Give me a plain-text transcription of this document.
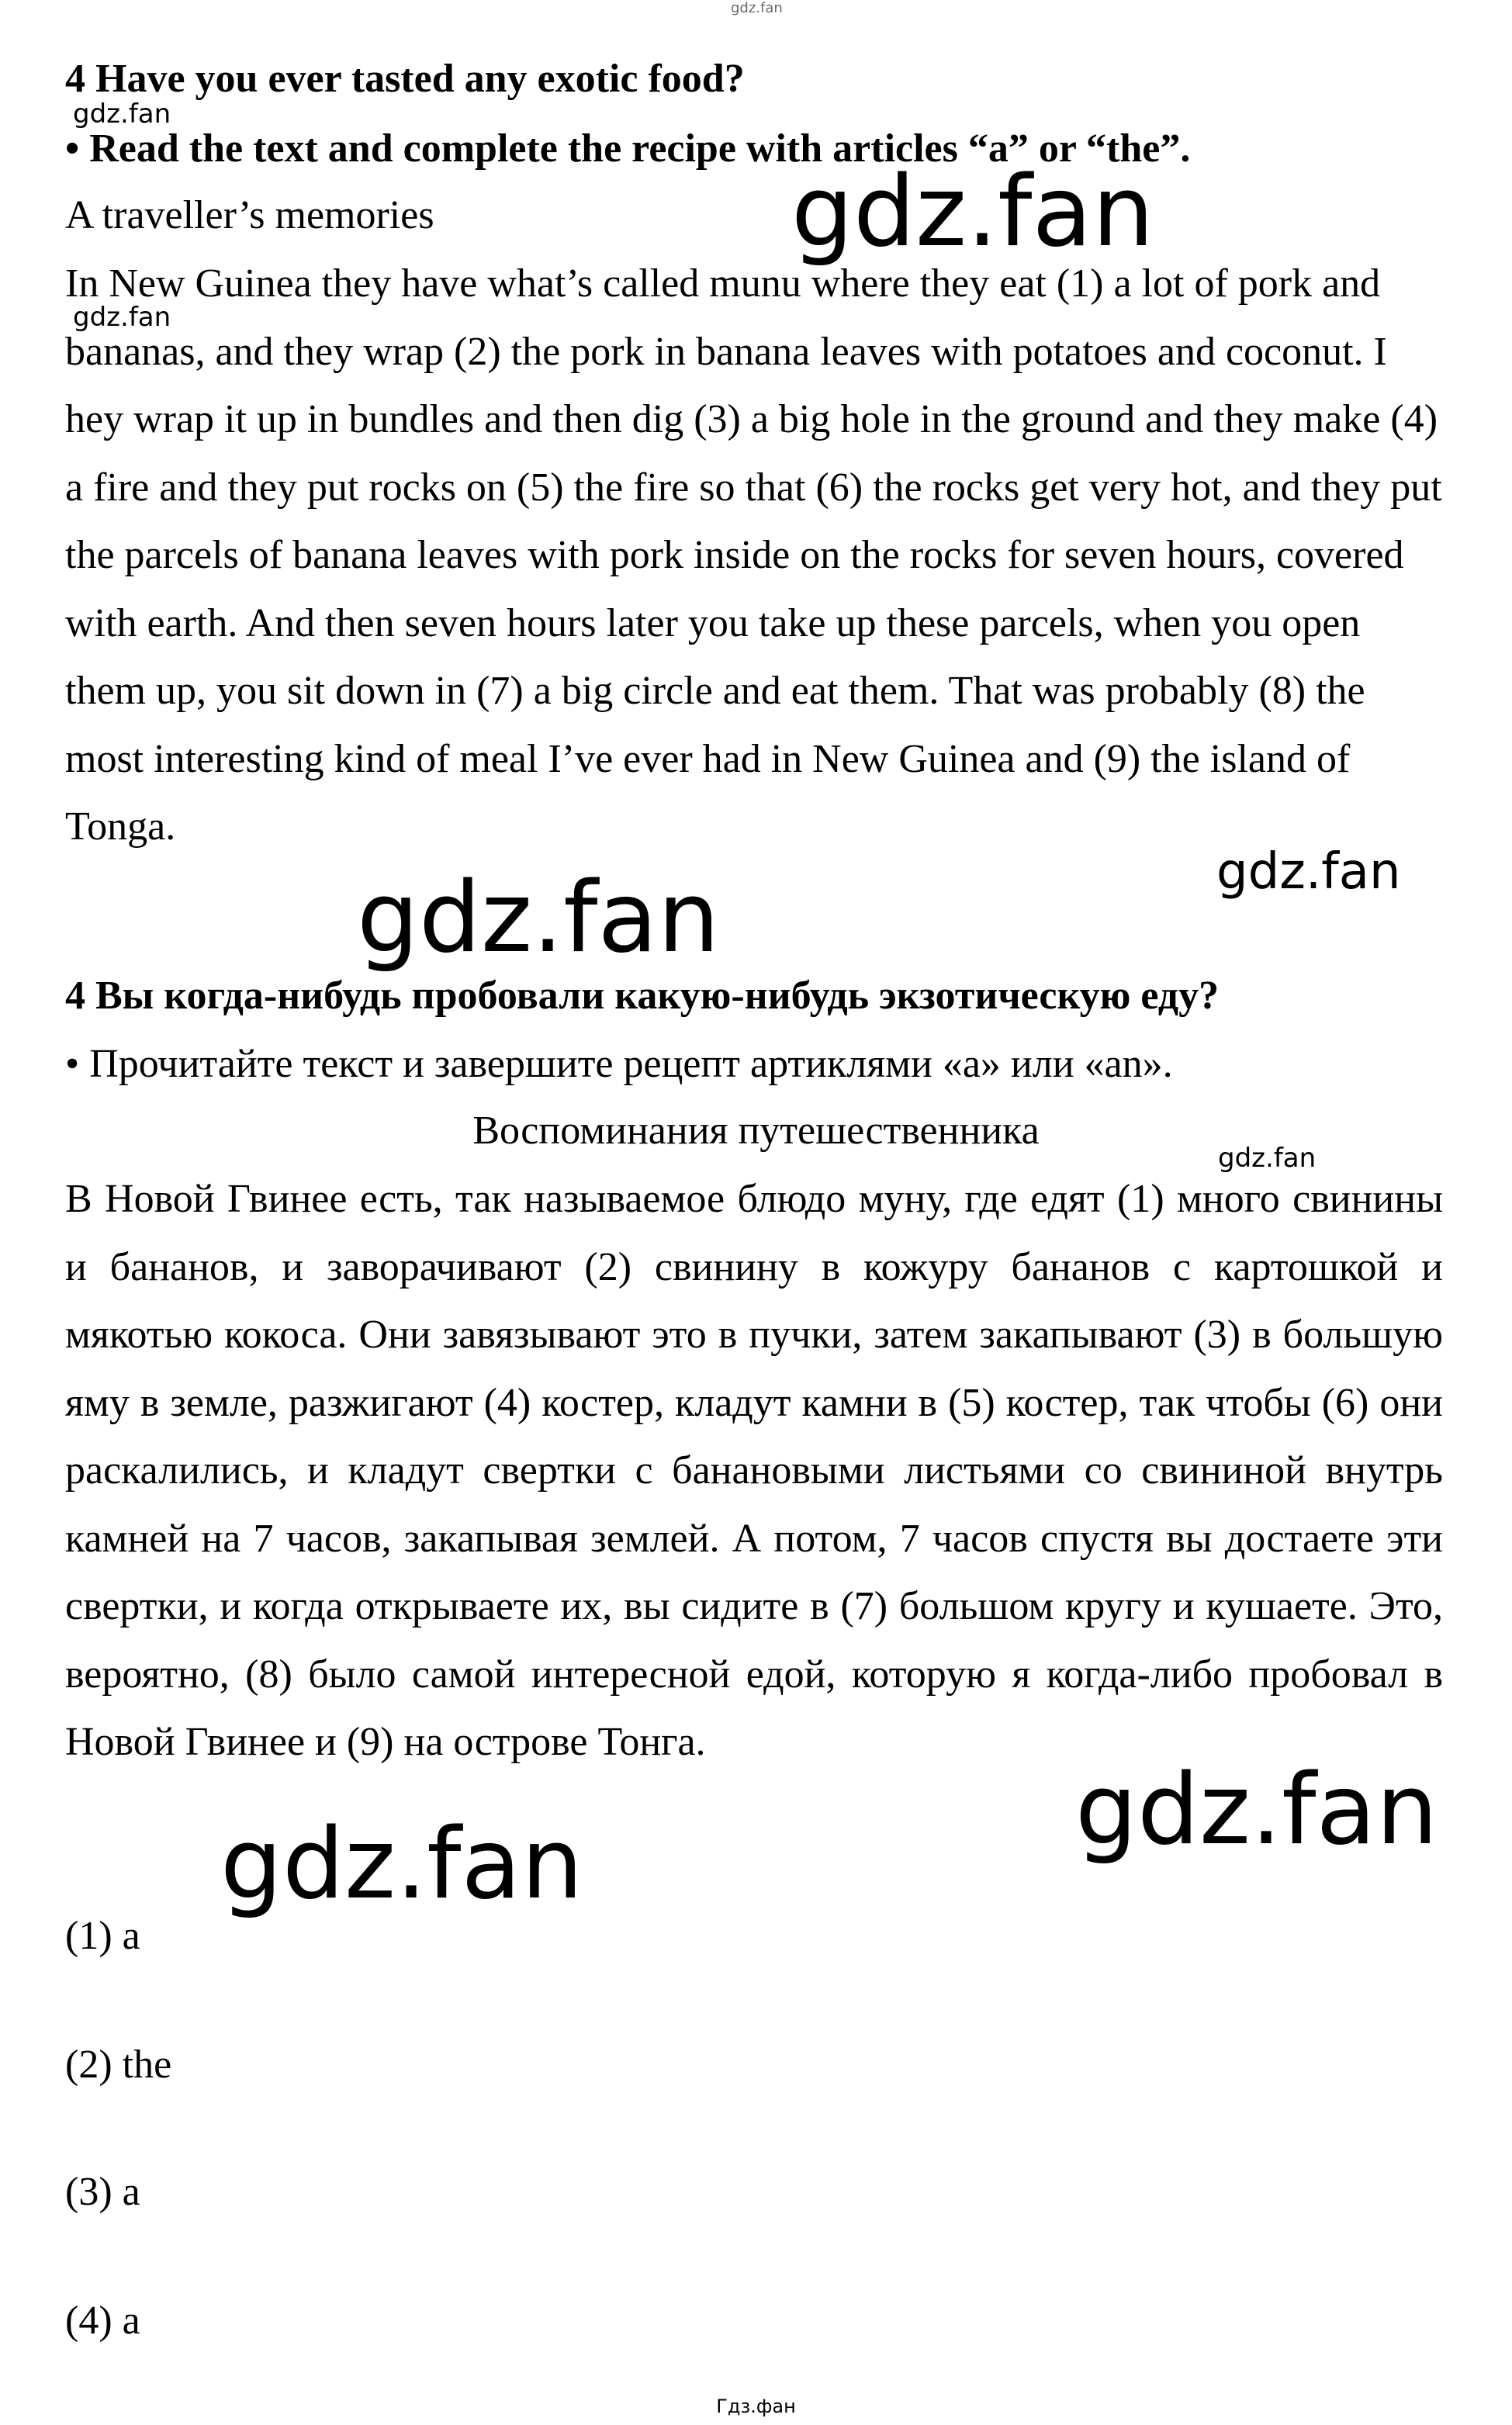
gdz.fan
gdz.fan
gdz.fan
gdz.fan
gdz.fan
gdz.fan
gdz.fan
gdz.fan
gdz.fan
4 Have you ever tasted any exotic food?
• Read the text and complete the recipe with articles “a” or “the”.
A traveller’s memories

In New Guinea they have what’s called munu where they eat (1) a lot of pork and bananas, and they wrap (2) the pork in banana leaves with potatoes and coconut. I hey wrap it up in bundles and then dig (3) a big hole in the ground and they make (4) a fire and they put rocks on (5) the fire so that (6) the rocks get very hot, and they put the parcels of banana leaves with pork inside on the rocks for seven hours, covered with earth. And then seven hours later you take up these parcels, when you open them up, you sit down in (7) a big circle and eat them. That was probably (8) the most interesting kind of meal I’ve ever had in New Guinea and (9) the island of Tonga.

4 Вы когда-нибудь пробовали какую-нибудь экзотическую еду?
• Прочитайте текст и завершите рецепт артиклями «a» или «an».
Воспоминания путешественника

В Новой Гвинее есть, так называемое блюдо муну, где едят (1) много свинины и бананов, и заворачивают (2) свинину в кожуру бананов с картошкой и мякотью кокоса. Они завязывают это в пучки, затем закапывают (3) в большую яму в земле, разжигают (4) костер, кладут камни в (5) костер, так чтобы (6) они раскалились, и кладут свертки с банановыми листьями со свининой внутрь камней на 7 часов, закапывая землей. А потом, 7 часов спустя вы достаете эти свертки, и когда открываете их, вы сидите в (7) большом кругу и кушаете. Это, вероятно, (8) было самой интересной едой, которую я когда-либо пробовал в Новой Гвинее и (9) на острове Тонга.

(1) a
(2) the
(3) a
(4) a
Гдз.фан
